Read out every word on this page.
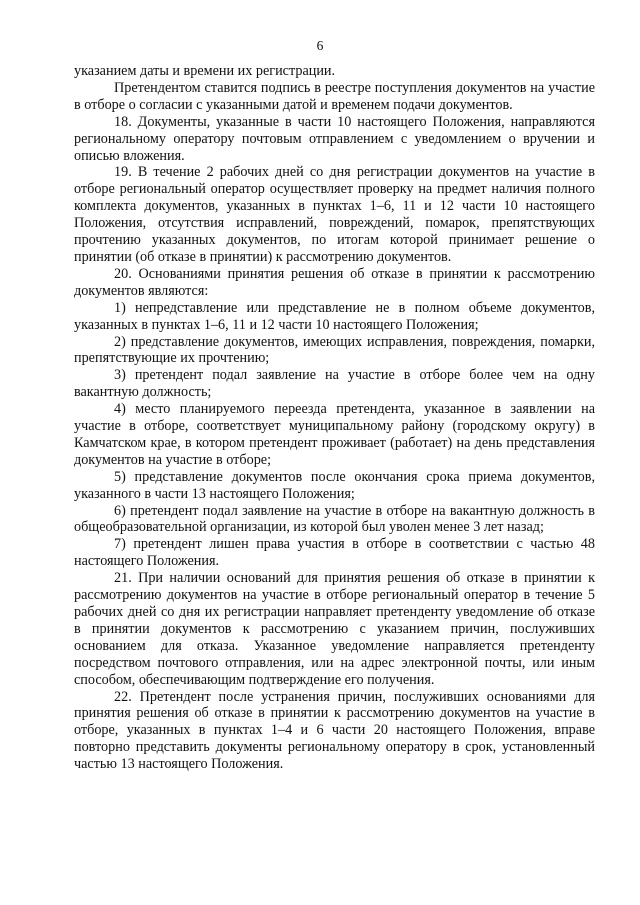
6

указанием даты и времени их регистрации.

Претендентом ставится подпись в реестре поступления документов на участие в отборе о согласии с указанными датой и временем подачи документов.

18. Документы, указанные в части 10 настоящего Положения, направляются региональному оператору почтовым отправлением с уведомлением о вручении и описью вложения.

19. В течение 2 рабочих дней со дня регистрации документов на участие в отборе региональный оператор осуществляет проверку на предмет наличия полного комплекта документов, указанных в пунктах 1–6, 11 и 12 части 10 настоящего Положения, отсутствия исправлений, повреждений, помарок, препятствующих прочтению указанных документов, по итогам которой принимает решение о принятии (об отказе в принятии) к рассмотрению документов.

20. Основаниями принятия решения об отказе в принятии к рассмотрению документов являются:

1) непредставление или представление не в полном объеме документов, указанных в пунктах 1–6, 11 и 12 части 10 настоящего Положения;

2) представление документов, имеющих исправления, повреждения, помарки, препятствующие их прочтению;

3) претендент подал заявление на участие в отборе более чем на одну вакантную должность;

4) место планируемого переезда претендента, указанное в заявлении на участие в отборе, соответствует муниципальному району (городскому округу) в Камчатском крае, в котором претендент проживает (работает) на день представления документов на участие в отборе;

5) представление документов после окончания срока приема документов, указанного в части 13 настоящего Положения;

6) претендент подал заявление на участие в отборе на вакантную должность в общеобразовательной организации, из которой был уволен менее 3 лет назад;

7) претендент лишен права участия в отборе в соответствии с частью 48 настоящего Положения.

21. При наличии оснований для принятия решения об отказе в принятии к рассмотрению документов на участие в отборе региональный оператор в течение 5 рабочих дней со дня их регистрации направляет претенденту уведомление об отказе в принятии документов к рассмотрению с указанием причин, послуживших основанием для отказа. Указанное уведомление направляется претенденту посредством почтового отправления, или на адрес электронной почты, или иным способом, обеспечивающим подтверждение его получения.

22. Претендент после устранения причин, послуживших основаниями для принятия решения об отказе в принятии к рассмотрению документов на участие в отборе, указанных в пунктах 1–4 и 6 части 20 настоящего Положения, вправе повторно представить документы региональному оператору в срок, установленный частью 13 настоящего Положения.
